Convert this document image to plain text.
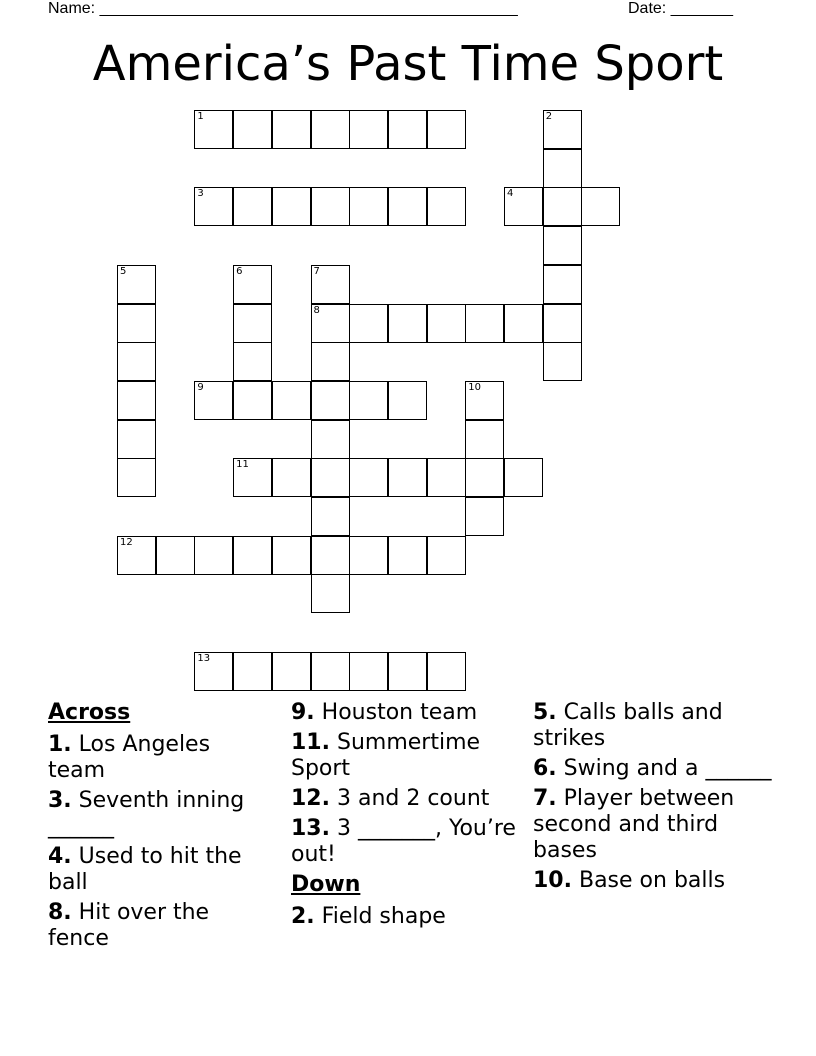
Name: _______________________________________________	Date: _______
America’s Past Time Sport
1	2
3	4
5	6	7
8
9	10
11
12
13
Across
1. Los Angeles team
3. Seventh inning ______
4. Used to hit the ball
8. Hit over the fence
9. Houston team
11. Summertime Sport
12. 3 and 2 count
13. 3 _______, You’re out!
Down
2. Field shape
5. Calls balls and strikes
6. Swing and a ______
7. Player between second and third bases
10. Base on balls
